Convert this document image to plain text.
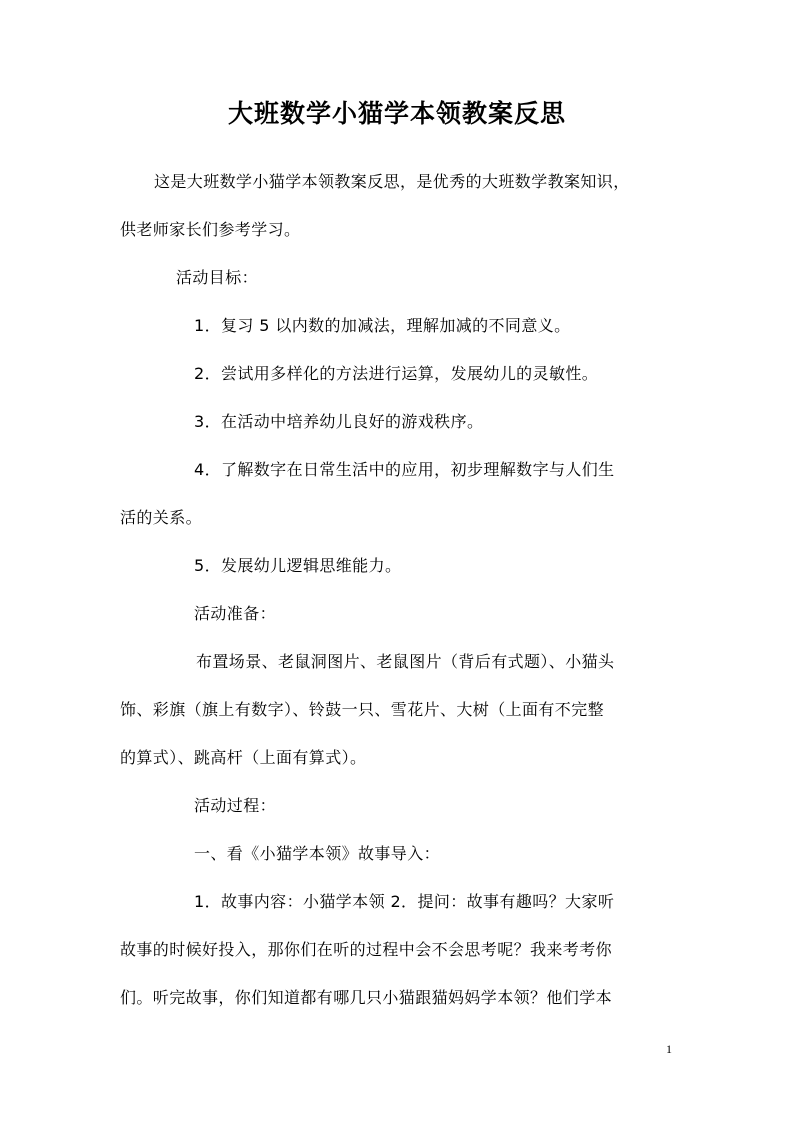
大班数学小猫学本领教案反思
这是大班数学小猫学本领教案反思，是优秀的大班数学教案知识，
供老师家长们参考学习。
活动目标：
1．复习 5 以内数的加减法，理解加减的不同意义。
2．尝试用多样化的方法进行运算，发展幼儿的灵敏性。
3．在活动中培养幼儿良好的游戏秩序。
4．了解数字在日常生活中的应用，初步理解数字与人们生
活的关系。
5．发展幼儿逻辑思维能力。
活动准备：
布置场景、老鼠洞图片、老鼠图片（背后有式题）、小猫头
饰、彩旗（旗上有数字）、铃鼓一只、雪花片、大树（上面有不完整
的算式）、跳高杆（上面有算式）。
活动过程：
一、看《小猫学本领》故事导入：
1．故事内容：小猫学本领 2．提问：故事有趣吗？大家听
故事的时候好投入，那你们在听的过程中会不会思考呢？我来考考你
们。听完故事，你们知道都有哪几只小猫跟猫妈妈学本领？他们学本
1
